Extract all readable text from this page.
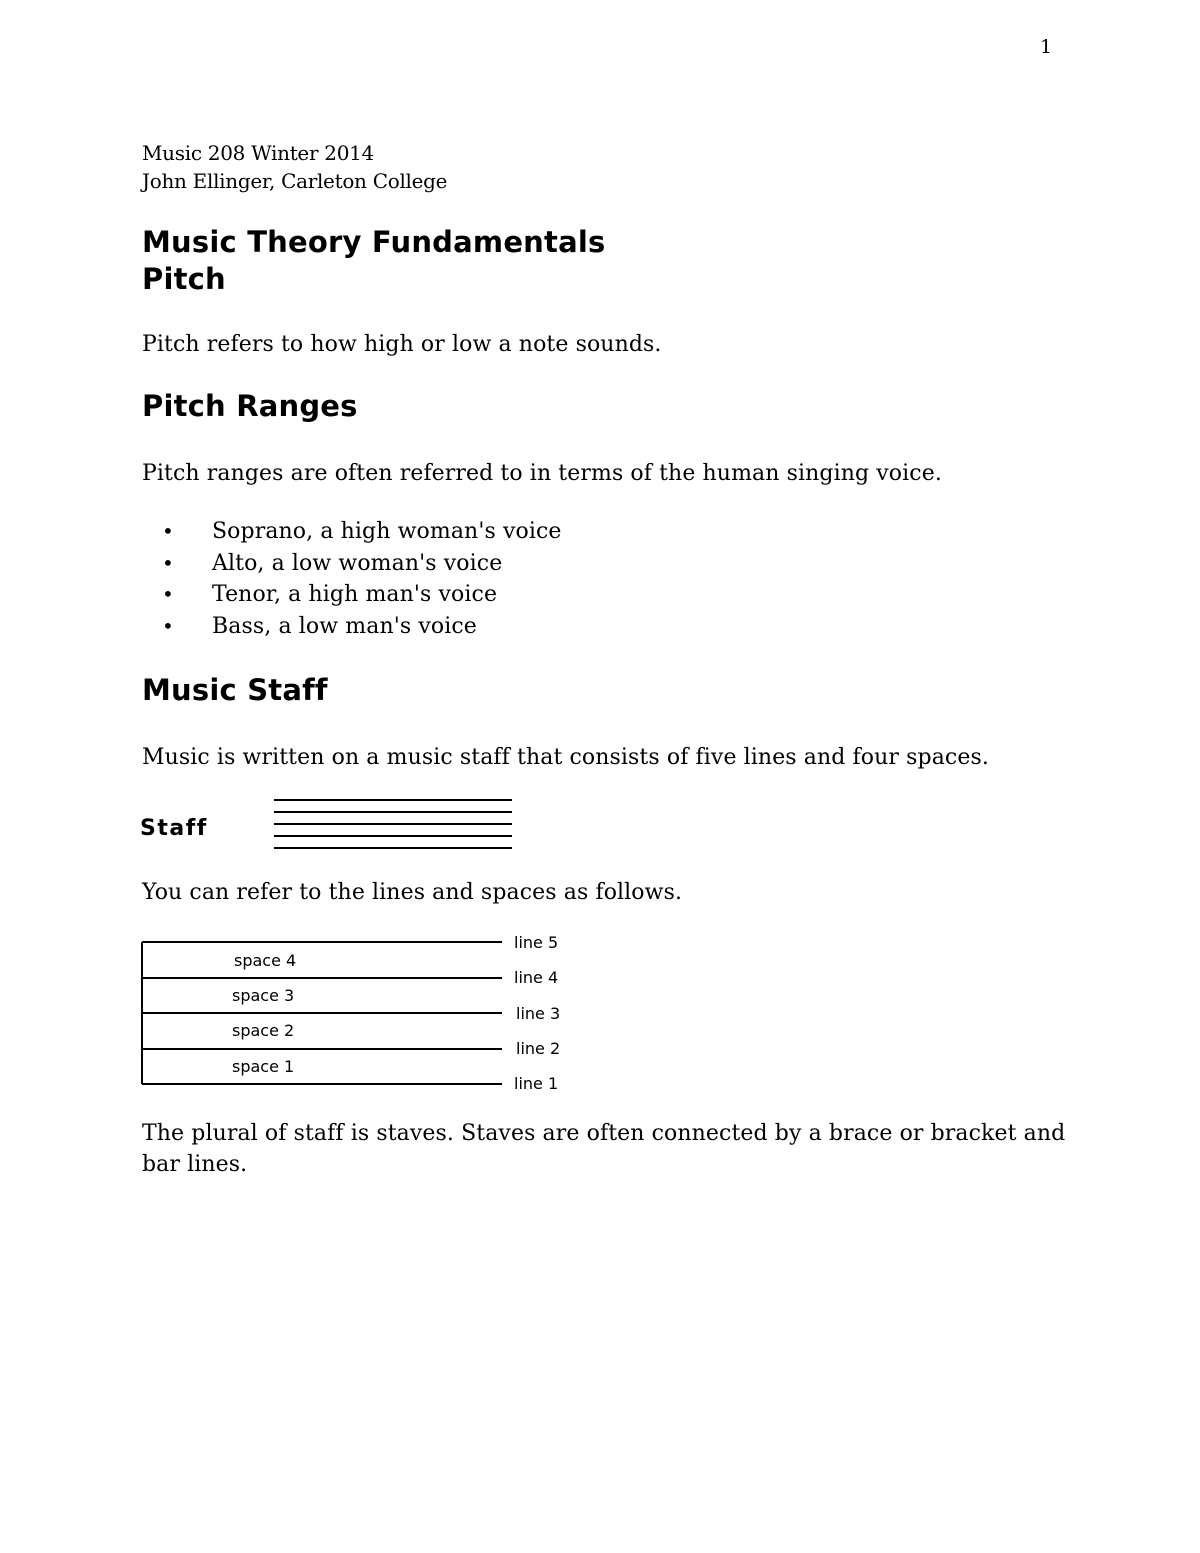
1
Music 208 Winter 2014
John Ellinger, Carleton College
Music Theory Fundamentals
Pitch
Pitch refers to how high or low a note sounds.
Pitch Ranges
Pitch ranges are often referred to in terms of the human singing voice.
• Soprano, a high woman's voice
• Alto, a low woman's voice
• Tenor, a high man's voice
• Bass, a low man's voice
Music Staff
Music is written on a music staff that consists of five lines and four spaces.
Staff
You can refer to the lines and spaces as follows.
line 5
line 4
line 3
line 2
line 1
space 4
space 3
space 2
space 1
The plural of staff is staves. Staves are often connected by a brace or bracket and bar lines.
